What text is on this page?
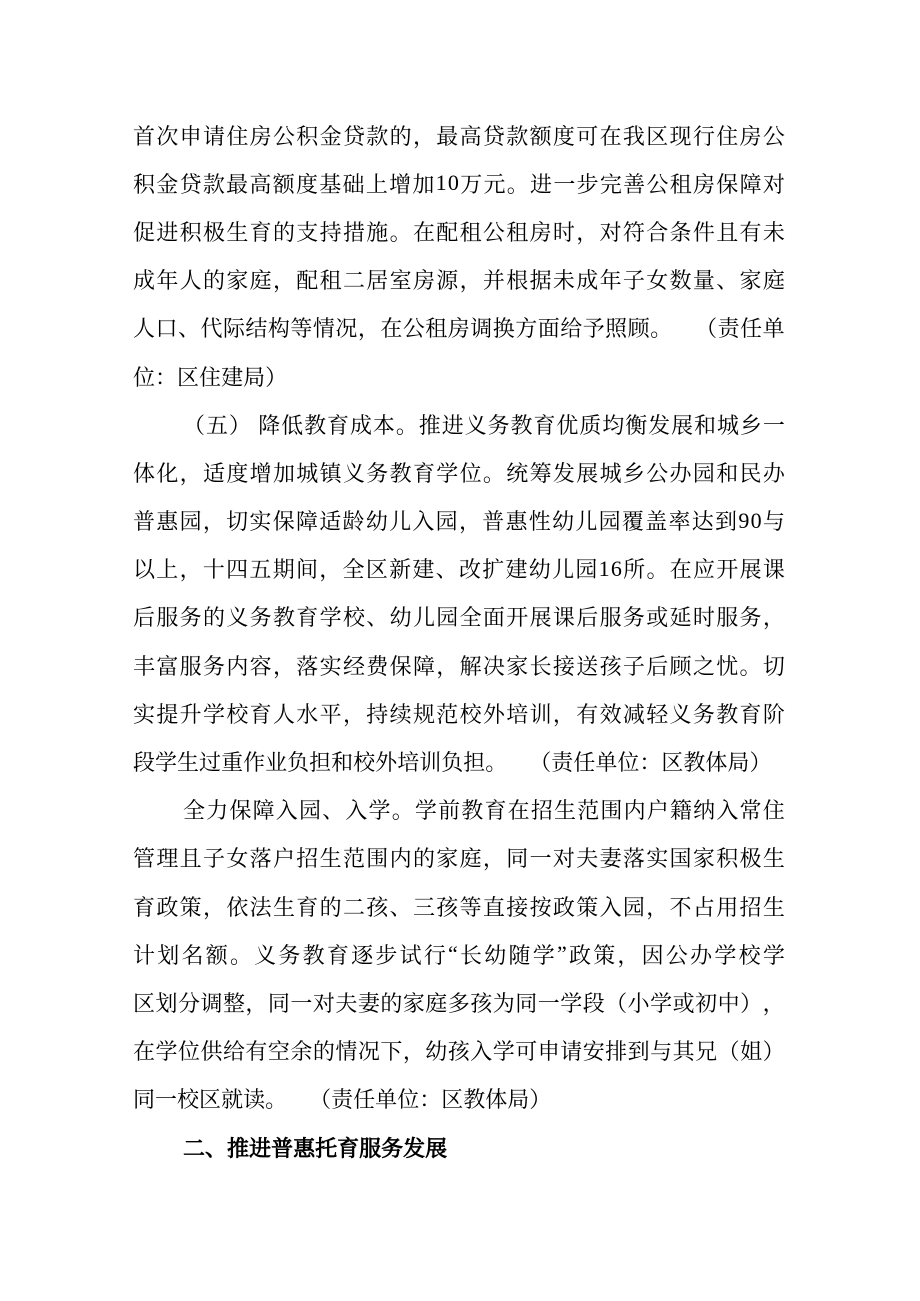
首 次 申 请 住 房 公 积 金 贷 款 的 ， 最 高 贷 款 额 度 可 在 我 区 现 行 住 房 公
积 金 贷 款 最 高 额 度 基 础 上 增 加 1 0 万 元 。 进 一 步 完 善 公 租 房 保 障 对
促 进 积 极 生 育 的 支 持 措 施 。 在 配 租 公 租 房 时 ， 对 符 合 条 件 且 有 未
成 年 人 的 家 庭 ， 配 租 二 居 室 房 源 ， 并 根 据 未 成 年 子 女 数 量 、 家 庭
人 口 、 代 际 结 构 等 情 况 ， 在 公 租 房 调 换 方 面 给 予 照 顾 。
　 （ 责 任 单
位 ： 区 住 建 局 ）
（ 五 ）
降 低 教 育 成 本 。 推 进 义 务 教 育 优 质 均 衡 发 展 和 城 乡 一
体 化 ， 适 度 增 加 城 镇 义 务 教 育 学 位 。 统 筹 发 展 城 乡 公 办 园 和 民 办
普 惠 园 ， 切 实 保 障 适 龄 幼 儿 入 园 ， 普 惠 性 幼 儿 园 覆 盖 率 达 到 9 0 与
以 上 ， 十 四 五 期 间 ， 全 区 新 建 、 改 扩 建 幼 儿 园 1 6 所 。 在 应 开 展 课
后 服 务 的 义 务 教 育 学 校 、 幼 儿 园 全 面 开 展 课 后 服 务 或 延 时 服 务 ，
丰 富 服 务 内 容 ， 落 实 经 费 保 障 ， 解 决 家 长 接 送 孩 子 后 顾 之 忧 。 切
实 提 升 学 校 育 人 水 平 ， 持 续 规 范 校 外 培 训 ， 有 效 减 轻 义 务 教 育 阶
段 学 生 过 重 作 业 负 担 和 校 外 培 训 负 担 。
　 （ 责 任 单 位 ： 区 教 体 局 ）
全 力 保 障 入 园 、 入 学 。 学 前 教 育 在 招 生 范 围 内 户 籍 纳 入 常 住
管 理 且 子 女 落 户 招 生 范 围 内 的 家 庭 ， 同 一 对 夫 妻 落 实 国 家 积 极 生
育 政 策 ， 依 法 生 育 的 二 孩 、 三 孩 等 直 接 按 政 策 入 园 ， 不 占 用 招 生
计 划 名 额 。 义 务 教 育 逐 步 试 行 “ 长 幼 随 学 ” 政 策 ， 因 公 办 学 校 学
区 划 分 调 整 ， 同 一 对 夫 妻 的 家 庭 多 孩 为 同 一 学 段 （ 小 学 或 初 中 ） ，
在 学 位 供 给 有 空 余 的 情 况 下 ， 幼 孩 入 学 可 申 请 安 排 到 与 其 兄 （ 姐 ）
同 一 校 区 就 读 。
　 （ 责 任 单 位 ： 区 教 体 局 ）
二 、 推 进 普 惠 托 育 服 务 发 展
